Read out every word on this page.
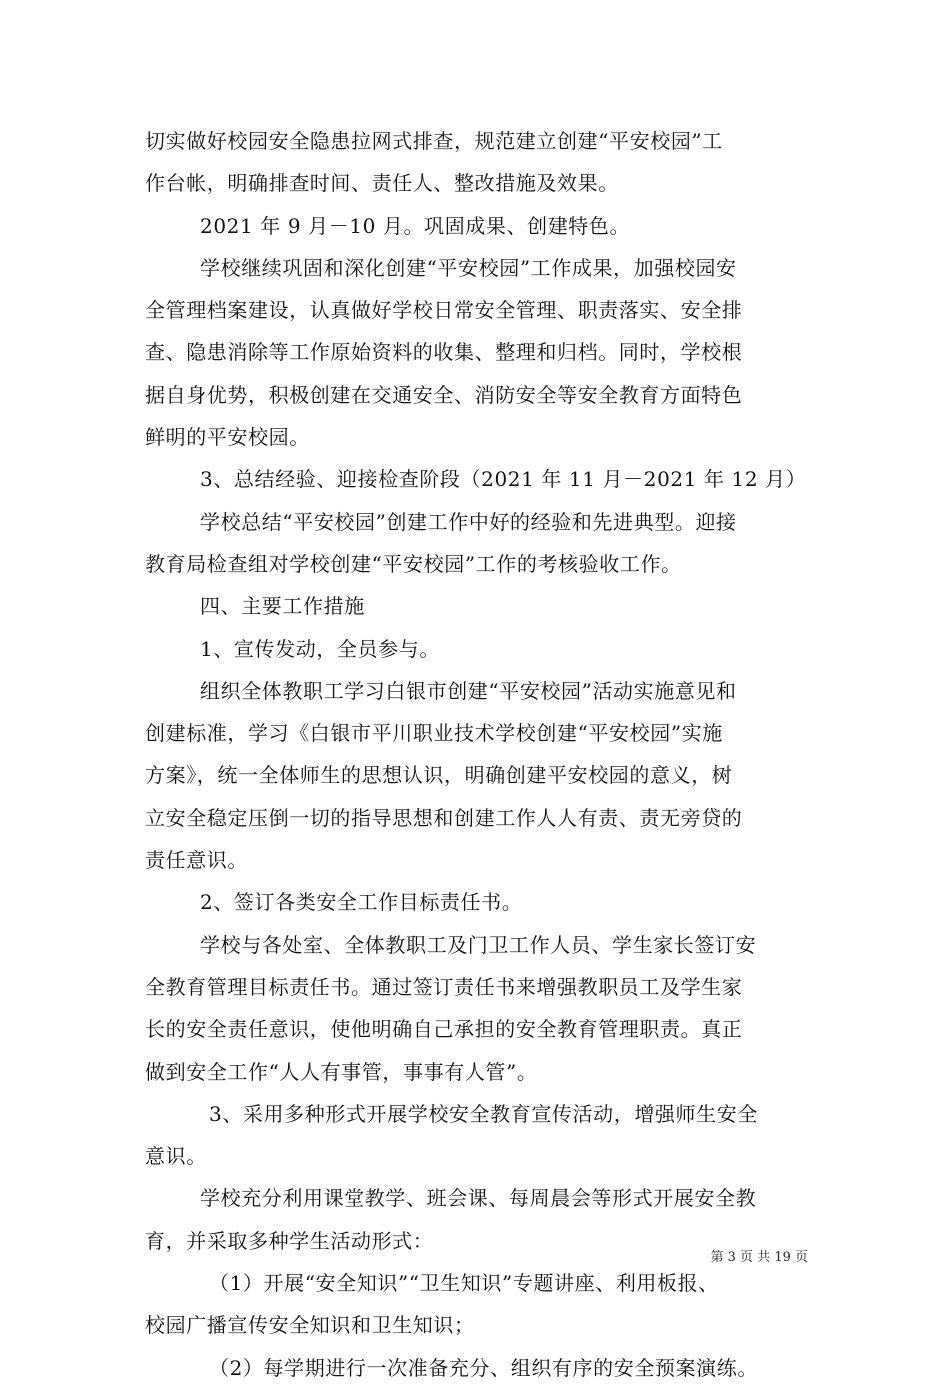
切实做好校园安全隐患拉网式排查，规范建立创建“平安校园”工
作台帐，明确排查时间、责任人、整改措施及效果。
2021 年 9 月－10 月。巩固成果、创建特色。
学校继续巩固和深化创建“平安校园”工作成果，加强校园安
全管理档案建设，认真做好学校日常安全管理、职责落实、安全排
查、隐患消除等工作原始资料的收集、整理和归档。同时，学校根
据自身优势，积极创建在交通安全、消防安全等安全教育方面特色
鲜明的平安校园。
3、总结经验、迎接检查阶段（2021 年 11 月－2021 年 12 月）
学校总结“平安校园”创建工作中好的经验和先进典型。迎接
教育局检查组对学校创建“平安校园”工作的考核验收工作。
四、主要工作措施
1、宣传发动，全员参与。
组织全体教职工学习白银市创建“平安校园”活动实施意见和
创建标准，学习《白银市平川职业技术学校创建“平安校园”实施
方案》，统一全体师生的思想认识，明确创建平安校园的意义，树
立安全稳定压倒一切的指导思想和创建工作人人有责、责无旁贷的
责任意识。
2、签订各类安全工作目标责任书。
学校与各处室、全体教职工及门卫工作人员、学生家长签订安
全教育管理目标责任书。通过签订责任书来增强教职员工及学生家
长的安全责任意识，使他明确自己承担的安全教育管理职责。真正
做到安全工作“人人有事管，事事有人管”。
3、采用多种形式开展学校安全教育宣传活动，增强师生安全
意识。
学校充分利用课堂教学、班会课、每周晨会等形式开展安全教
育，并采取多种学生活动形式：
（1）开展“安全知识”“卫生知识”专题讲座、利用板报、
校园广播宣传安全知识和卫生知识；
（2）每学期进行一次准备充分、组织有序的安全预案演练。
第 3 页 共 19 页
